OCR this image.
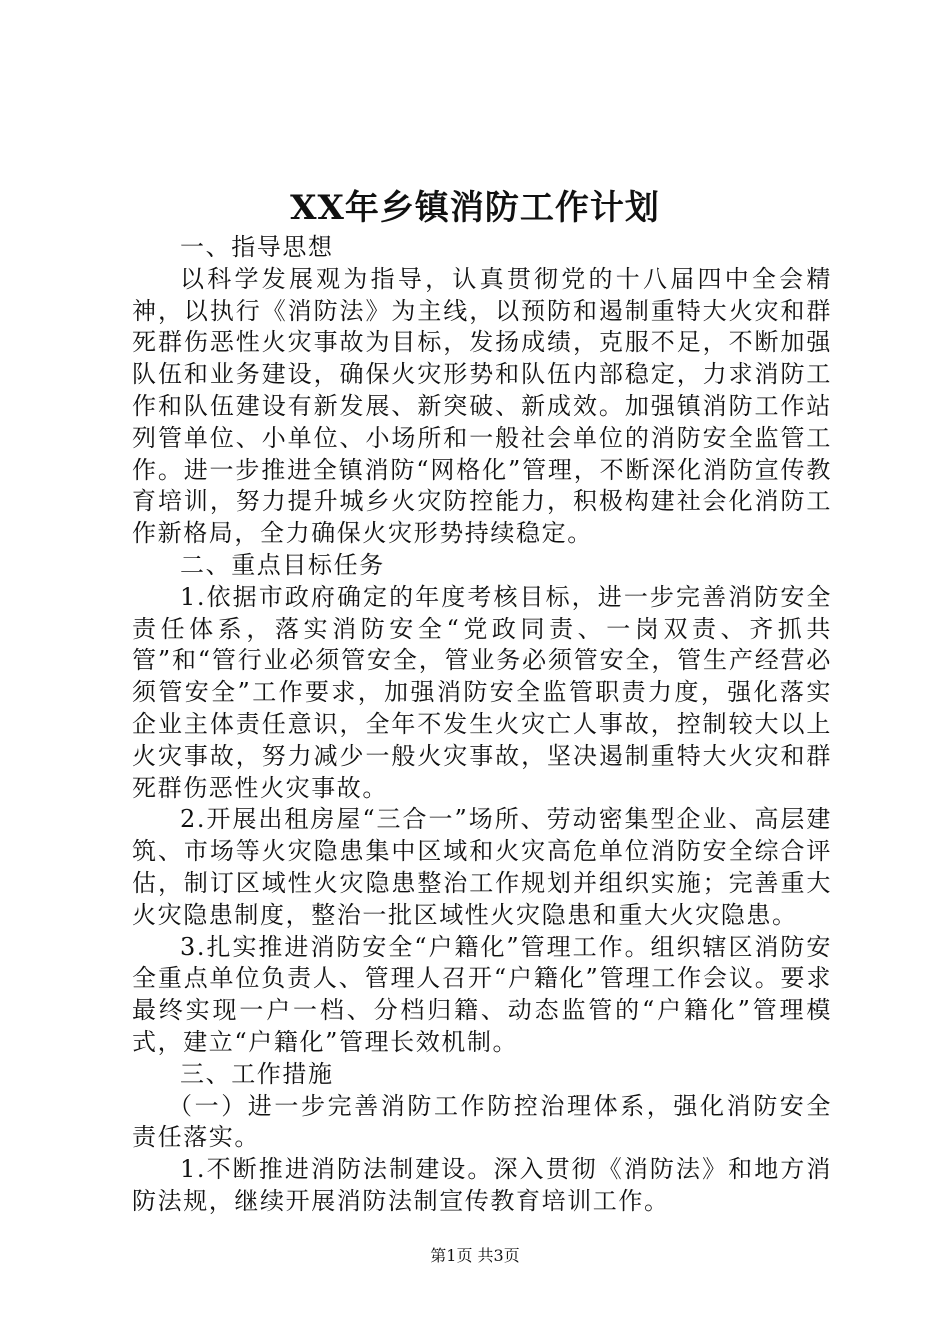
XX年乡镇消防工作计划

一、指导思想

以科学发展观为指导，认真贯彻党的十八届四中全会精神，以执行《消防法》为主线，以预防和遏制重特大火灾和群死群伤恶性火灾事故为目标，发扬成绩，克服不足，不断加强队伍和业务建设，确保火灾形势和队伍内部稳定，力求消防工作和队伍建设有新发展、新突破、新成效。加强镇消防工作站列管单位、小单位、小场所和一般社会单位的消防安全监管工作。进一步推进全镇消防“网格化”管理，不断深化消防宣传教育培训，努力提升城乡火灾防控能力，积极构建社会化消防工作新格局，全力确保火灾形势持续稳定。

二、重点目标任务

1.依据市政府确定的年度考核目标，进一步完善消防安全责任体系，落实消防安全“党政同责、一岗双责、齐抓共管”和“管行业必须管安全，管业务必须管安全，管生产经营必须管安全”工作要求，加强消防安全监管职责力度，强化落实企业主体责任意识，全年不发生火灾亡人事故，控制较大以上火灾事故，努力减少一般火灾事故，坚决遏制重特大火灾和群死群伤恶性火灾事故。

2.开展出租房屋“三合一”场所、劳动密集型企业、高层建筑、市场等火灾隐患集中区域和火灾高危单位消防安全综合评估，制订区域性火灾隐患整治工作规划并组织实施；完善重大火灾隐患制度，整治一批区域性火灾隐患和重大火灾隐患。

3.扎实推进消防安全“户籍化”管理工作。组织辖区消防安全重点单位负责人、管理人召开“户籍化”管理工作会议。要求最终实现一户一档、分档归籍、动态监管的“户籍化”管理模式，建立“户籍化”管理长效机制。

三、工作措施

（一）进一步完善消防工作防控治理体系，强化消防安全责任落实。

1.不断推进消防法制建设。深入贯彻《消防法》和地方消防法规，继续开展消防法制宣传教育培训工作。

第1页 共3页
